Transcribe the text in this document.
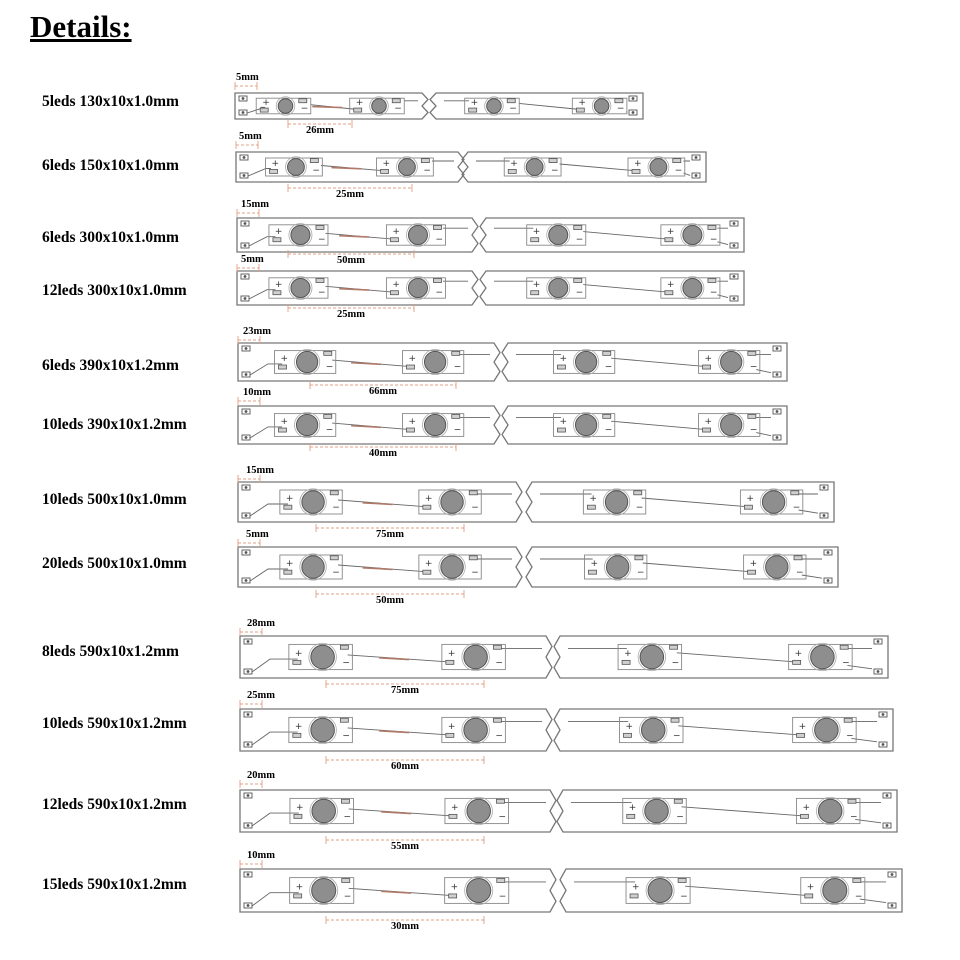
Details:
5leds 130x10x1.0mm
6leds 150x10x1.0mm
6leds 300x10x1.0mm
12leds 300x10x1.0mm
6leds 390x10x1.2mm
10leds 390x10x1.2mm
10leds 500x10x1.0mm
20leds 500x10x1.0mm
8leds 590x10x1.2mm
10leds 590x10x1.2mm
12leds 590x10x1.2mm
15leds 590x10x1.2mm
+
−
+
−
+
−
+
−
5mm
26mm
+
−
+
−
+
−
+
−
5mm
25mm
+
−
+
−
+
−
+
−
15mm
50mm
+
−
+
−
+
−
+
−
5mm
25mm
+
−
+
−
+
−
+
−
23mm
66mm
+
−
+
−
+
−
+
−
10mm
40mm
+
−
+
−
+
−
+
−
15mm
75mm
+
−
+
−
+
−
+
−
5mm
50mm
+
−
+
−
+
−
+
−
28mm
75mm
+
−
+
−
+
−
+
−
25mm
60mm
+
−
+
−
+
−
+
−
20mm
55mm
+
−
+
−
+
−
+
−
10mm
30mm
